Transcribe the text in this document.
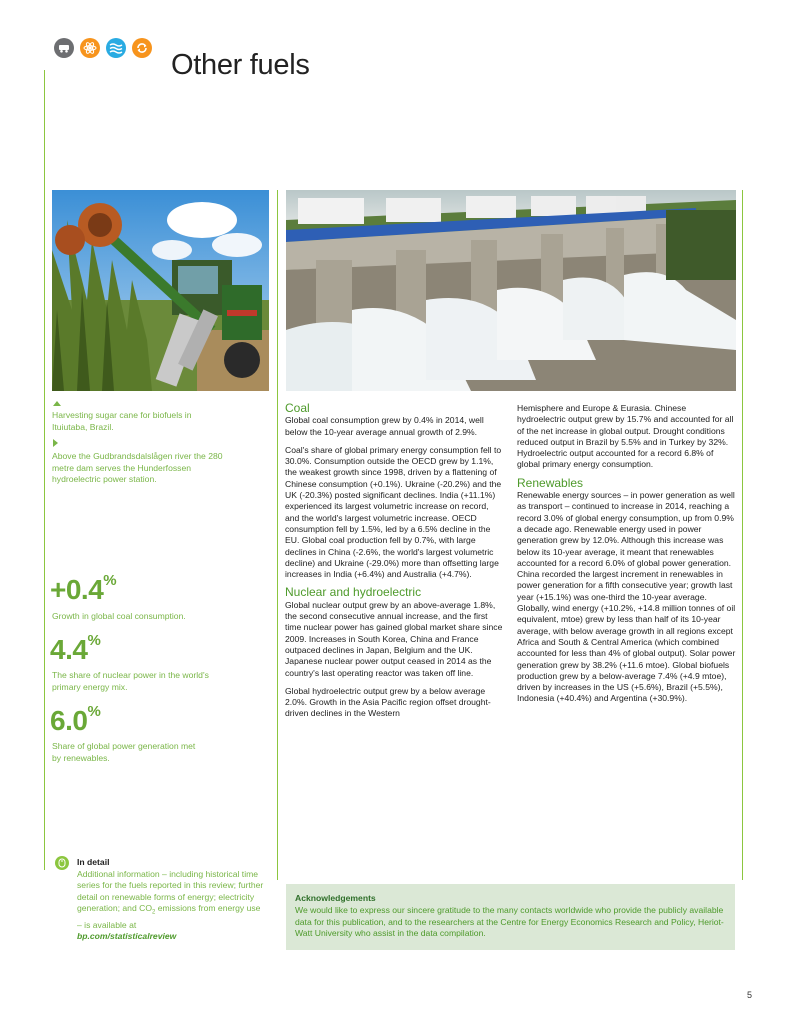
Other fuels
Harvesting sugar cane for biofuels in Ituiutaba, Brazil.
Above the Gudbrandsdalslågen river the 280 metre dam serves the Hunderfossen hydroelectric power station.
+0.4%
Growth in global coal consumption.
4.4%
The share of nuclear power in the world's primary energy mix.
6.0%
Share of global power generation met by renewables.
Coal

Global coal consumption grew by 0.4% in 2014, well below the 10-year average annual growth of 2.9%.

Coal's share of global primary energy consumption fell to 30.0%. Consumption outside the OECD grew by 1.1%, the weakest growth since 1998, driven by a flattening of Chinese consumption (+0.1%). Ukraine (-20.2%) and the UK (-20.3%) posted significant declines. India (+11.1%) experienced its largest volumetric increase on record, and the world's largest volumetric increase. OECD consumption fell by 1.5%, led by a 6.5% decline in the EU. Global coal production fell by 0.7%, with large declines in China (-2.6%, the world's largest volumetric decline) and Ukraine (-29.0%) more than offsetting large increases in India (+6.4%) and Australia (+4.7%).

Nuclear and hydroelectric

Global nuclear output grew by an above-average 1.8%, the second consecutive annual increase, and the first time nuclear power has gained global market share since 2009. Increases in South Korea, China and France outpaced declines in Japan, Belgium and the UK. Japanese nuclear power output ceased in 2014 as the country's last operating reactor was taken off line.

Global hydroelectric output grew by a below average 2.0%. Growth in the Asia Pacific region offset drought-driven declines in the Western

Hemisphere and Europe & Eurasia. Chinese hydroelectric output grew by 15.7% and accounted for all of the net increase in global output. Drought conditions reduced output in Brazil by 5.5% and in Turkey by 32%. Hydroelectric output accounted for a record 6.8% of global primary energy consumption.

Renewables

Renewable energy sources – in power generation as well as transport – continued to increase in 2014, reaching a record 3.0% of global energy consumption, up from 0.9% a decade ago. Renewable energy used in power generation grew by 12.0%. Although this increase was below its 10-year average, it meant that renewables accounted for a record 6.0% of global power generation. China recorded the largest increment in renewables in power generation for a fifth consecutive year; growth last year (+15.1%) was one-third the 10-year average. Globally, wind energy (+10.2%, +14.8 million tonnes of oil equivalent, mtoe) grew by less than half of its 10-year average, with below average growth in all regions except Africa and South & Central America (which combined accounted for less than 4% of global output). Solar power generation grew by 38.2% (+11.6 mtoe). Global biofuels production grew by a below-average 7.4% (+4.9 mtoe), driven by increases in the US (+5.6%), Brazil (+5.5%), Indonesia (+40.4%) and Argentina (+30.9%).

In detail
Additional information – including historical time series for the fuels reported in this review; further detail on renewable forms of energy; electricity generation; and $CO_2$ emissions from energy use – is available at
bp.com/statisticalreview
Acknowledgements
We would like to express our sincere gratitude to the many contacts worldwide who provide the publicly available data for this publication, and to the researchers at the Centre for Energy Economics Research and Policy, Heriot-Watt University who assist in the data compilation.
5
